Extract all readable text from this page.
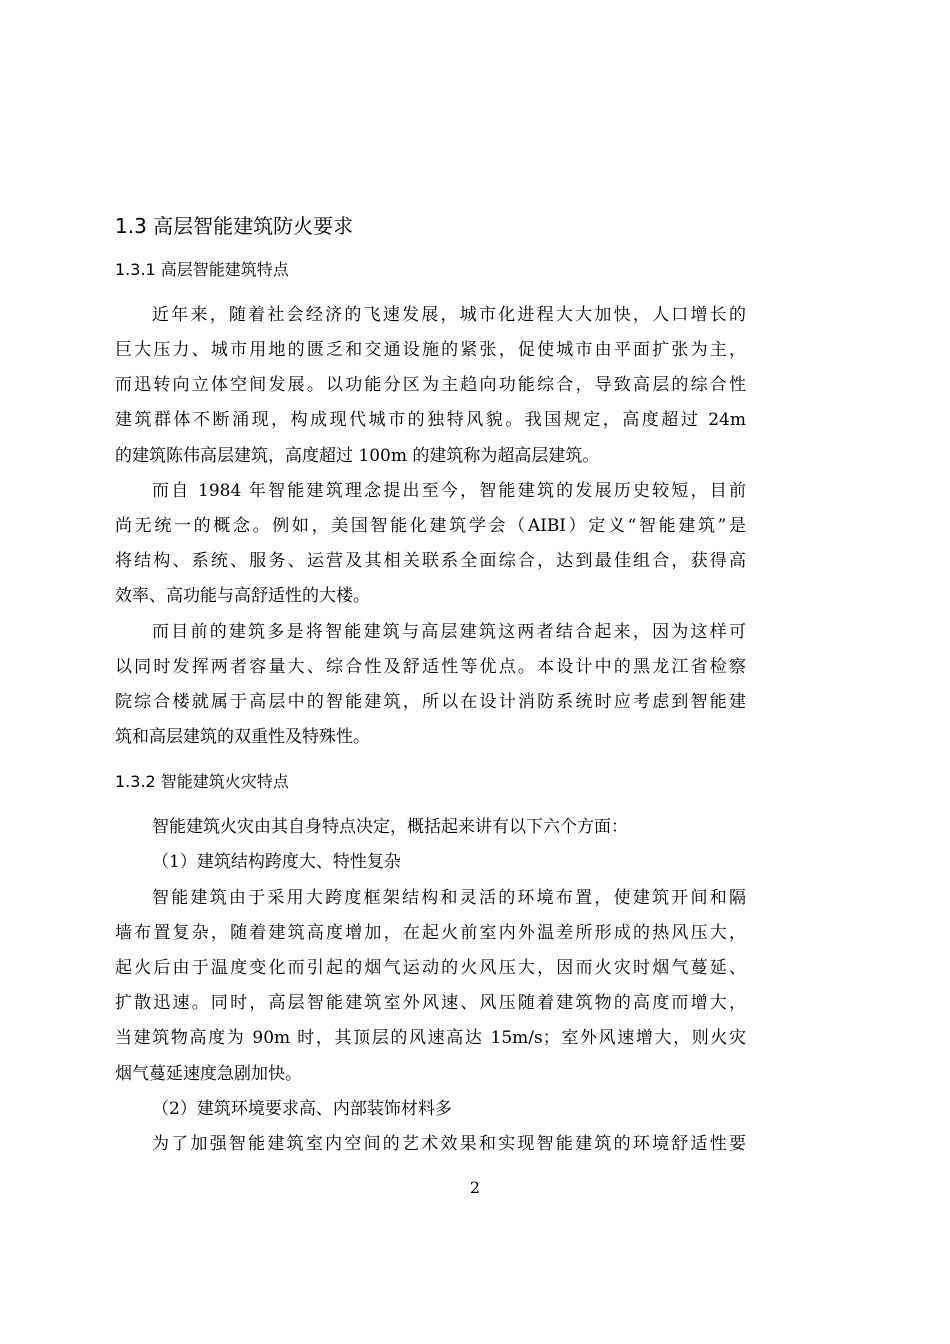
1.3 高层智能建筑防火要求
1.3.1 高层智能建筑特点
近年来，随着社会经济的飞速发展，城市化进程大大加快，人口增长的
巨大压力、城市用地的匮乏和交通设施的紧张，促使城市由平面扩张为主，
而迅转向立体空间发展。以功能分区为主趋向功能综合，导致高层的综合性
建筑群体不断涌现，构成现代城市的独特风貌。我国规定，高度超过 24m
的建筑陈伟高层建筑，高度超过 100m 的建筑称为超高层建筑。
而自 1984 年智能建筑理念提出至今，智能建筑的发展历史较短，目前
尚无统一的概念。例如，美国智能化建筑学会（AIBI）定义“智能建筑”是
将结构、系统、服务、运营及其相关联系全面综合，达到最佳组合，获得高
效率、高功能与高舒适性的大楼。
而目前的建筑多是将智能建筑与高层建筑这两者结合起来，因为这样可
以同时发挥两者容量大、综合性及舒适性等优点。本设计中的黑龙江省检察
院综合楼就属于高层中的智能建筑，所以在设计消防系统时应考虑到智能建
筑和高层建筑的双重性及特殊性。
1.3.2 智能建筑火灾特点
智能建筑火灾由其自身特点决定，概括起来讲有以下六个方面：
（1）建筑结构跨度大、特性复杂
智能建筑由于采用大跨度框架结构和灵活的环境布置，使建筑开间和隔
墙布置复杂，随着建筑高度增加，在起火前室内外温差所形成的热风压大，
起火后由于温度变化而引起的烟气运动的火风压大，因而火灾时烟气蔓延、
扩散迅速。同时，高层智能建筑室外风速、风压随着建筑物的高度而增大，
当建筑物高度为 90m 时，其顶层的风速高达 15m/s；室外风速增大，则火灾
烟气蔓延速度急剧加快。
（2）建筑环境要求高、内部装饰材料多
为了加强智能建筑室内空间的艺术效果和实现智能建筑的环境舒适性要
2
